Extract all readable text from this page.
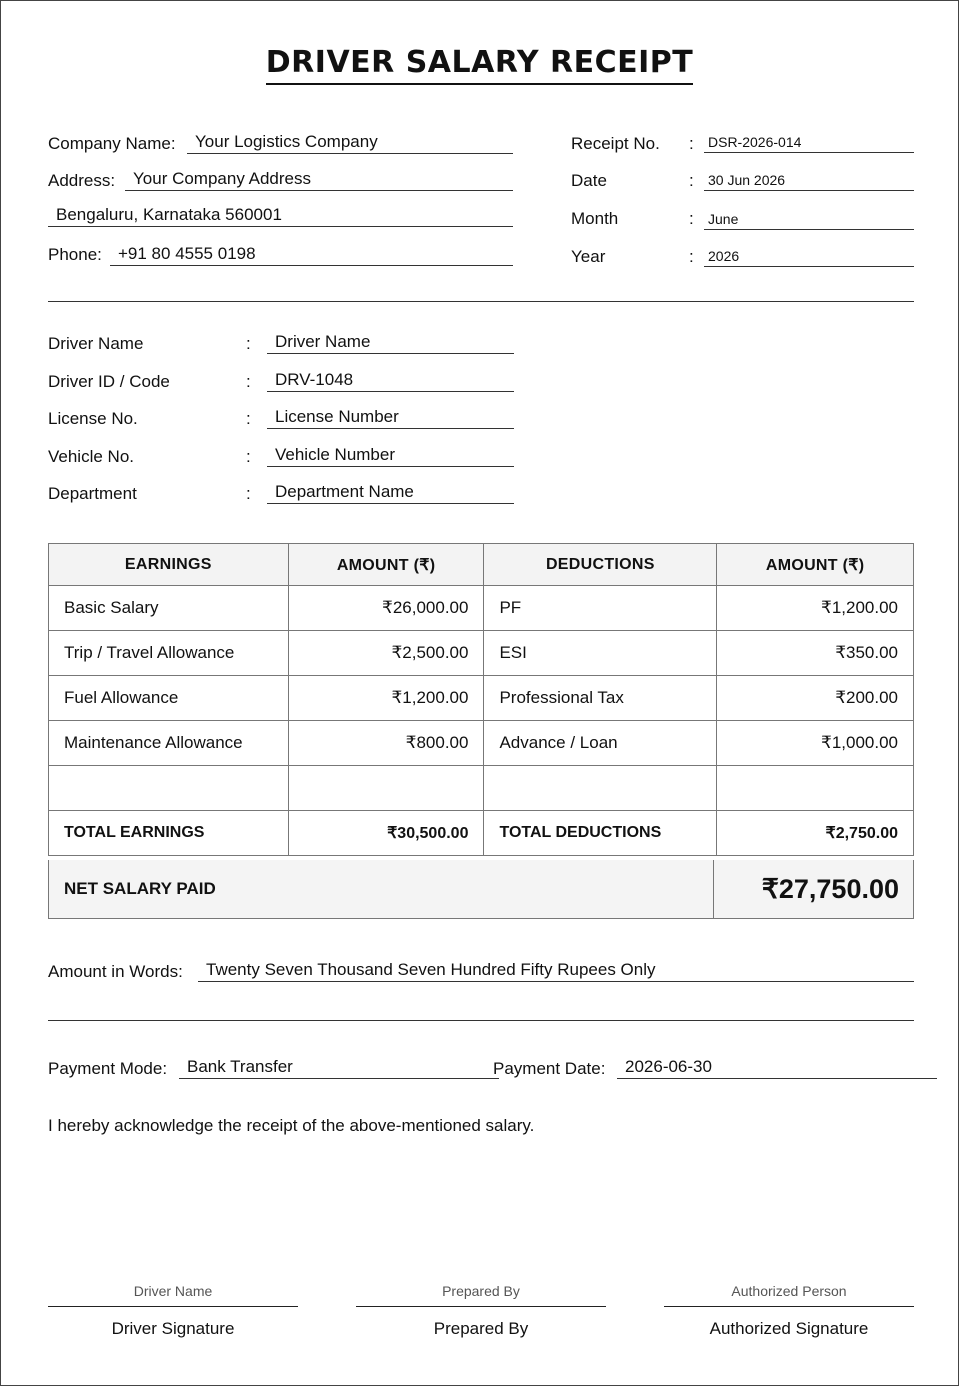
DRIVER SALARY RECEIPT
Company Name:	Your Logistics Company
Address:	Your Company Address
Bengaluru, Karnataka 560001
Phone: +91 80 4555 0198
Receipt No. : DSR-2026-014
Date	: 30 Jun 2026
Month	: June
Year	: 2026
Driver Name	:	Driver Name
Driver ID / Code	:	DRV-1048
License No.	:	License Number
Vehicle No.	:	Vehicle Number
Department	:	Department Name
EARNINGS	AMOUNT (₹)	DEDUCTIONS	AMOUNT (₹)
Basic Salary	₹26,000.00	PF	₹1,200.00
Trip / Travel Allowance	₹2,500.00	ESI	₹350.00
Fuel Allowance	₹1,200.00	Professional Tax	₹200.00
Maintenance Allowance	₹800.00	Advance / Loan	₹1,000.00

TOTAL EARNINGS	₹30,500.00	TOTAL DEDUCTIONS	₹2,750.00
NET SALARY PAID	₹27,750.00
Amount in Words:	Twenty Seven Thousand Seven Hundred Fifty Rupees Only
Payment Mode:	Bank Transfer	Payment Date:	2026-06-30
I hereby acknowledge the receipt of the above-mentioned salary.
Driver Name
Driver Signature
Prepared By
Prepared By
Authorized Person
Authorized Signature
